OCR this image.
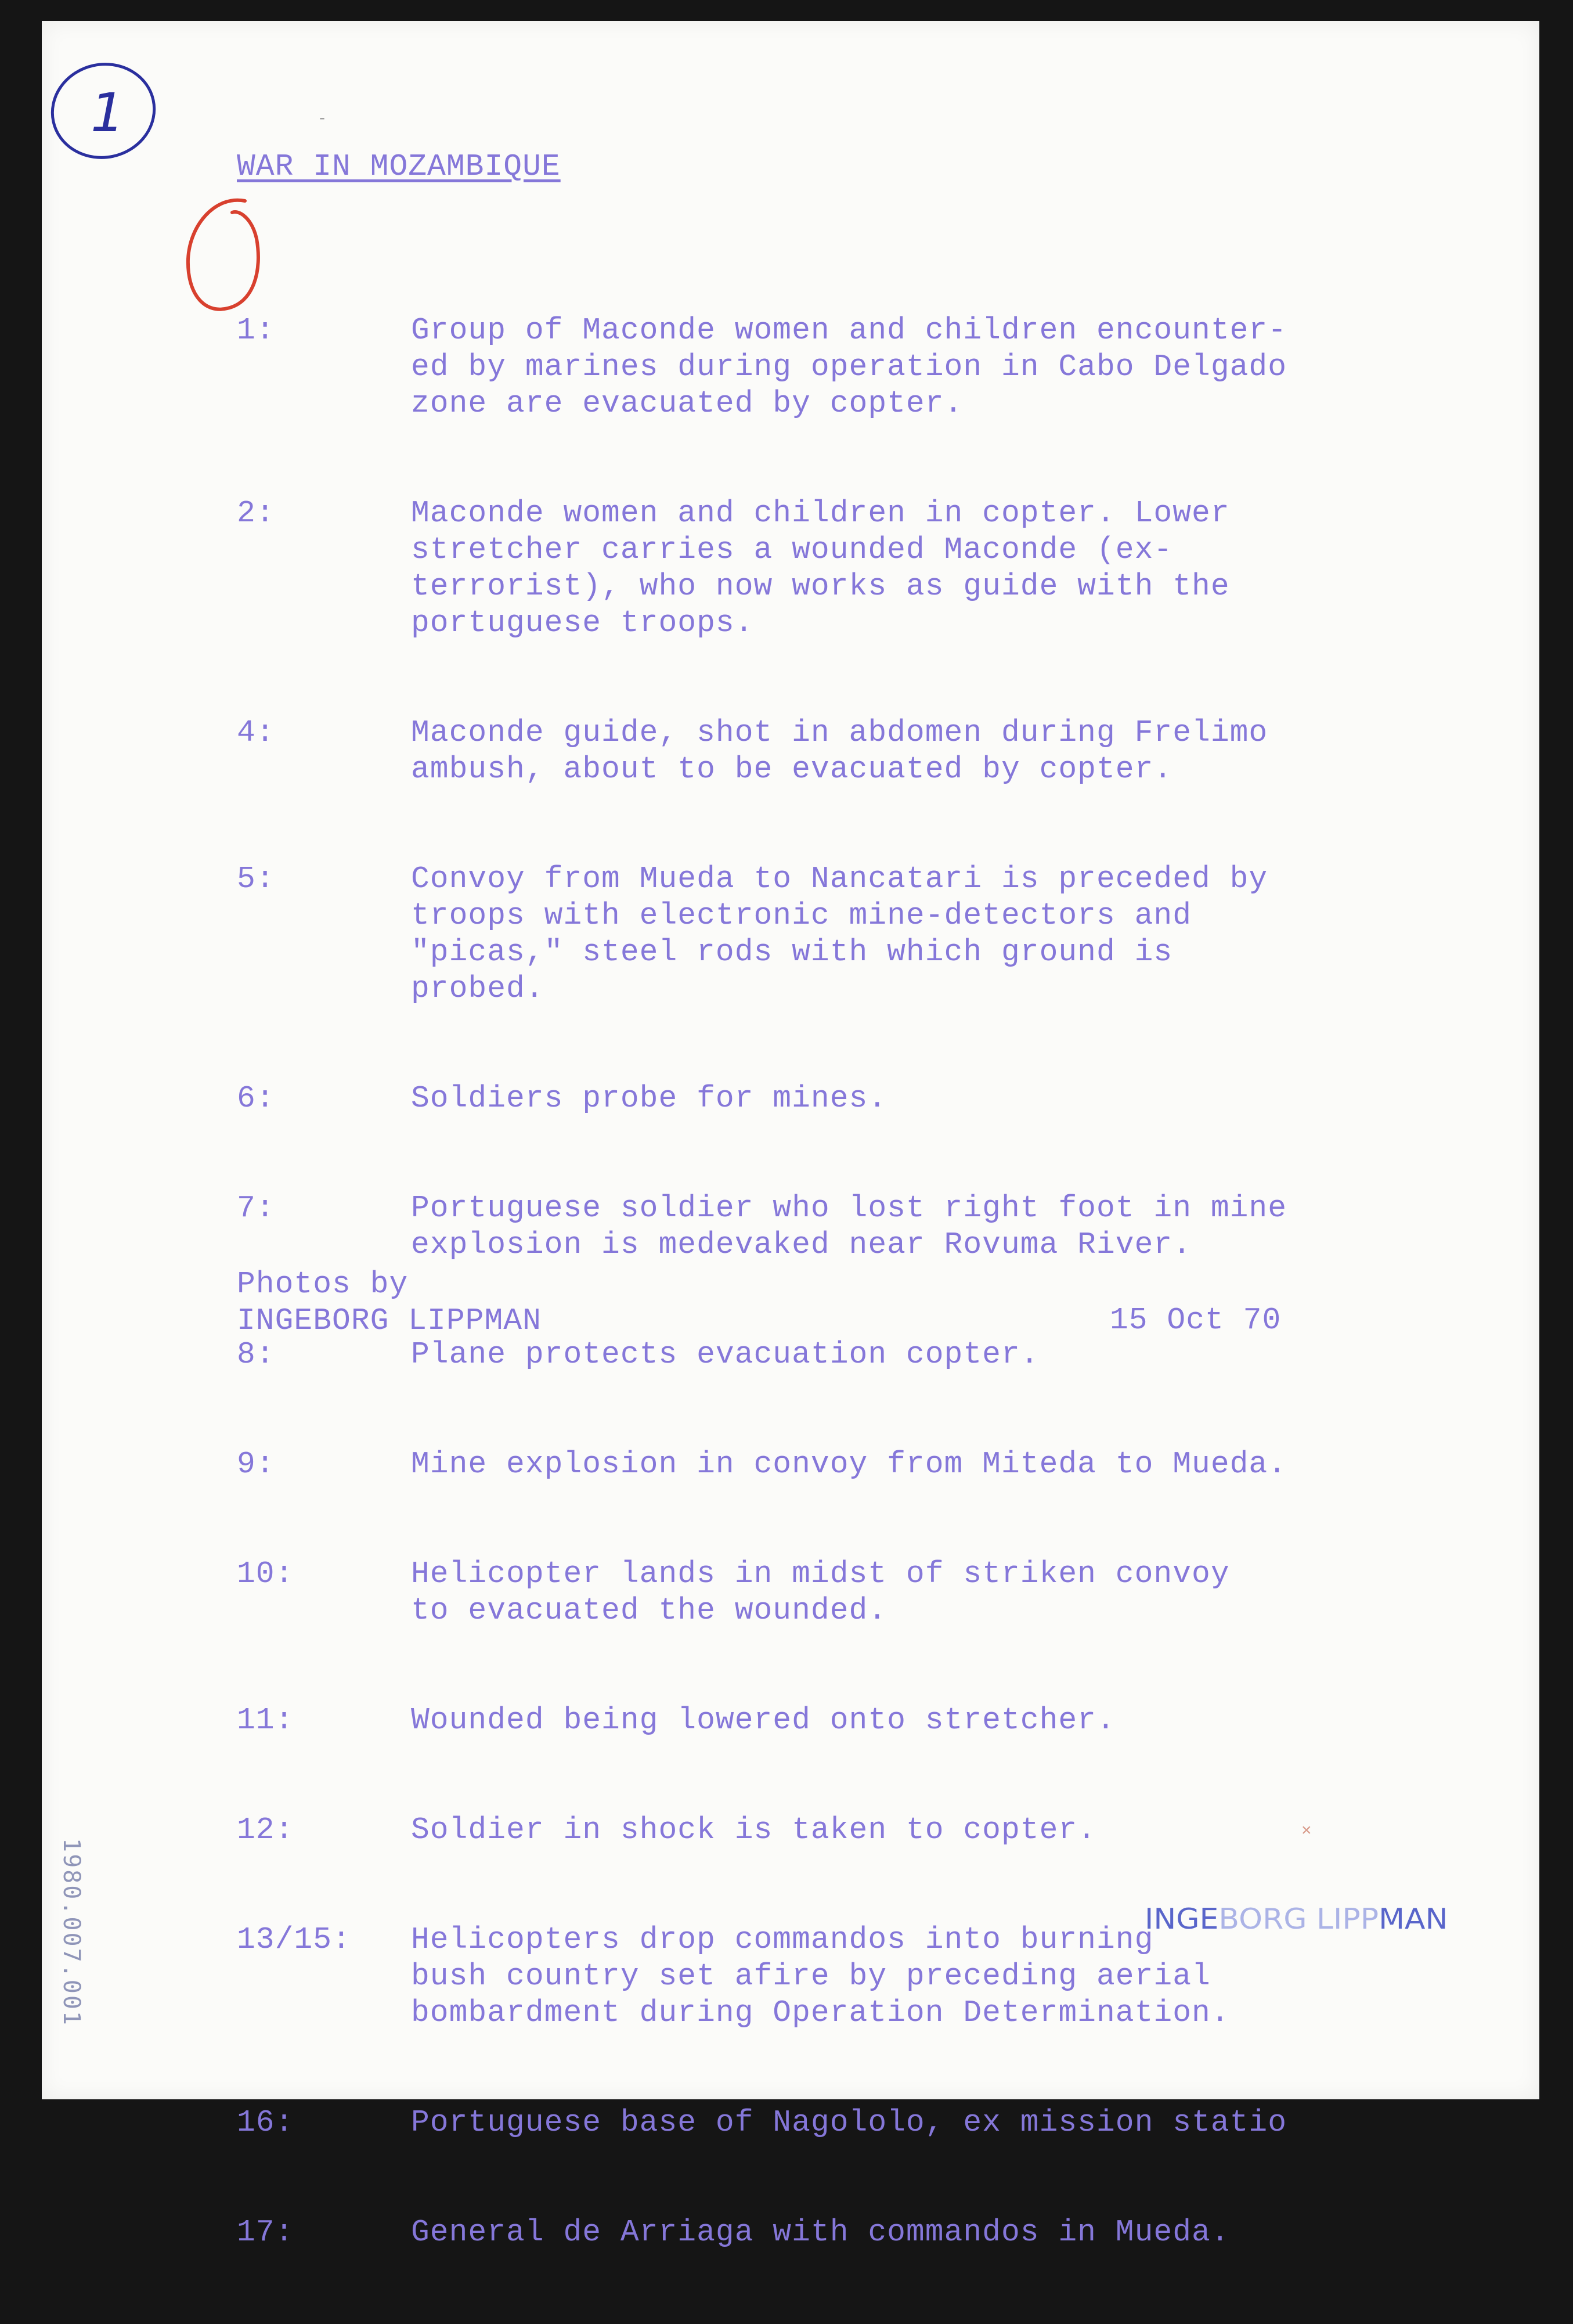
1
WAR IN MOZAMBIQUE

1:	Group of Maconde women and children encounter-
ed by marines during operation in Cabo Delgado
zone are evacuated by copter.

2:	Maconde women and children in copter. Lower
stretcher carries a wounded Maconde (ex-
terrorist), who now works as guide with the
portuguese troops.

4:	Maconde guide, shot in abdomen during Frelimo
ambush, about to be evacuated by copter.

5:	Convoy from Mueda to Nancatari is preceded by
troops with electronic mine-detectors and
"picas," steel rods with which ground is
probed.

6:	Soldiers probe for mines.

7:	Portuguese soldier who lost right foot in mine
explosion is medevaked near Rovuma River.

8:	Plane protects evacuation copter.

9:	Mine explosion in convoy from Miteda to Mueda.

10:	Helicopter lands in midst of striken convoy
to evacuated the wounded.

11:	Wounded being lowered onto stretcher.

12:	Soldier in shock is taken to copter.

13/15:	Helicopters drop commandos into burning
bush country set afire by preceding aerial
bombardment during Operation Determination.

16:	Portuguese base of Nagololo, ex mission statio

17:	General de Arriaga with commandos in Mueda.

Photos by
INGEBORG LIPPMAN	15 Oct 70
1980.007.001	INGEBORG LIPPMAN
-
×
